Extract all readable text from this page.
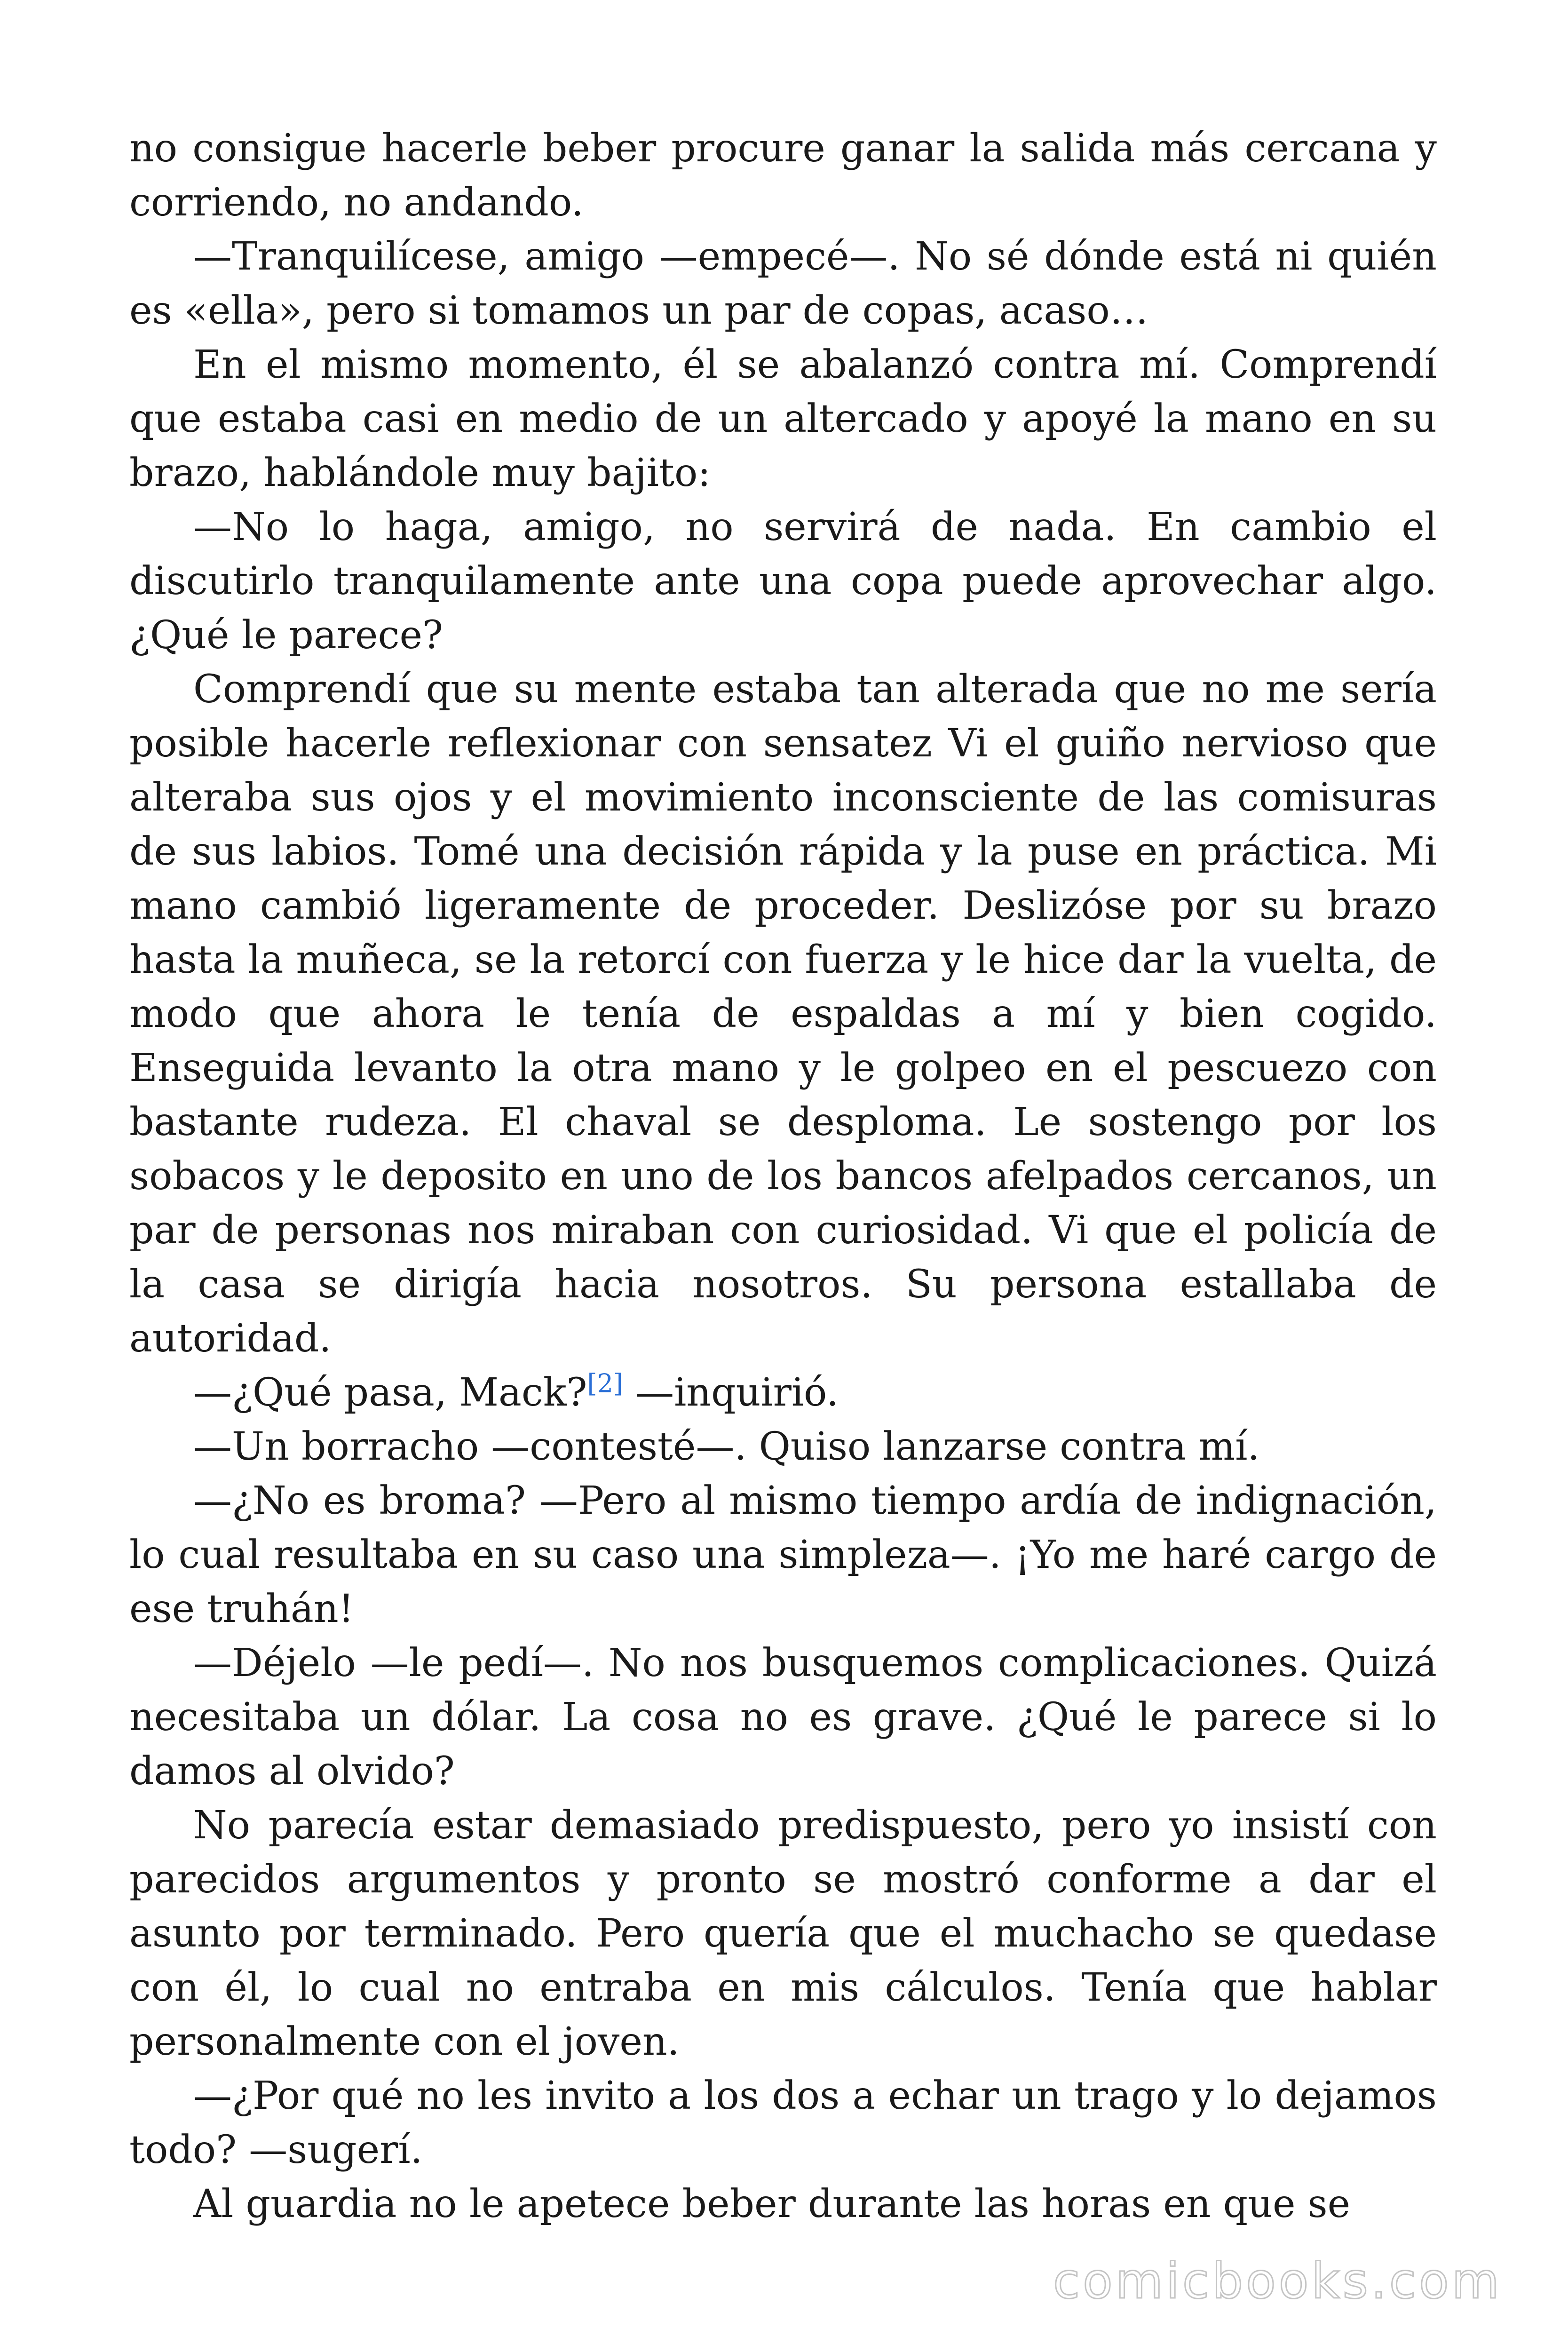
no consigue hacerle beber procure ganar la salida más cercana y corriendo, no andando.

—Tranquilícese, amigo —empecé—. No sé dónde está ni quién es «ella», pero si tomamos un par de copas, acaso…

En el mismo momento, él se abalanzó contra mí. Comprendí que estaba casi en medio de un altercado y apoyé la mano en su brazo, hablándole muy bajito:

—No lo haga, amigo, no servirá de nada. En cambio el discutirlo tranquilamente ante una copa puede aprovechar algo. ¿Qué le parece?

Comprendí que su mente estaba tan alterada que no me sería posible hacerle reflexionar con sensatez Vi el guiño nervioso que alteraba sus ojos y el movimiento inconsciente de las comisuras de sus labios. Tomé una decisión rápida y la puse en práctica. Mi mano cambió ligeramente de proceder. Deslizóse por su brazo hasta la muñeca, se la retorcí con fuerza y le hice dar la vuelta, de modo que ahora le tenía de espaldas a mí y bien cogido. Enseguida levanto la otra mano y le golpeo en el pescuezo con bastante rudeza. El chaval se desploma. Le sostengo por los sobacos y le deposito en uno de los bancos afelpados cercanos, un par de personas nos miraban con curiosidad. Vi que el policía de la casa se dirigía hacia nosotros. Su persona estallaba de autoridad.

—¿Qué pasa, Mack?[2] —inquirió.

—Un borracho —contesté—. Quiso lanzarse contra mí.

—¿No es broma? —Pero al mismo tiempo ardía de indignación, lo cual resultaba en su caso una simpleza—. ¡Yo me haré cargo de ese truhán!

—Déjelo —le pedí—. No nos busquemos complicaciones. Quizá necesitaba un dólar. La cosa no es grave. ¿Qué le parece si lo damos al olvido?

No parecía estar demasiado predispuesto, pero yo insistí con parecidos argumentos y pronto se mostró conforme a dar el asunto por terminado. Pero quería que el muchacho se quedase con él, lo cual no entraba en mis cálculos. Tenía que hablar personalmente con el joven.

—¿Por qué no les invito a los dos a echar un trago y lo dejamos todo? —sugerí.

Al guardia no le apetece beber durante las horas en que se

comicbooks.com
